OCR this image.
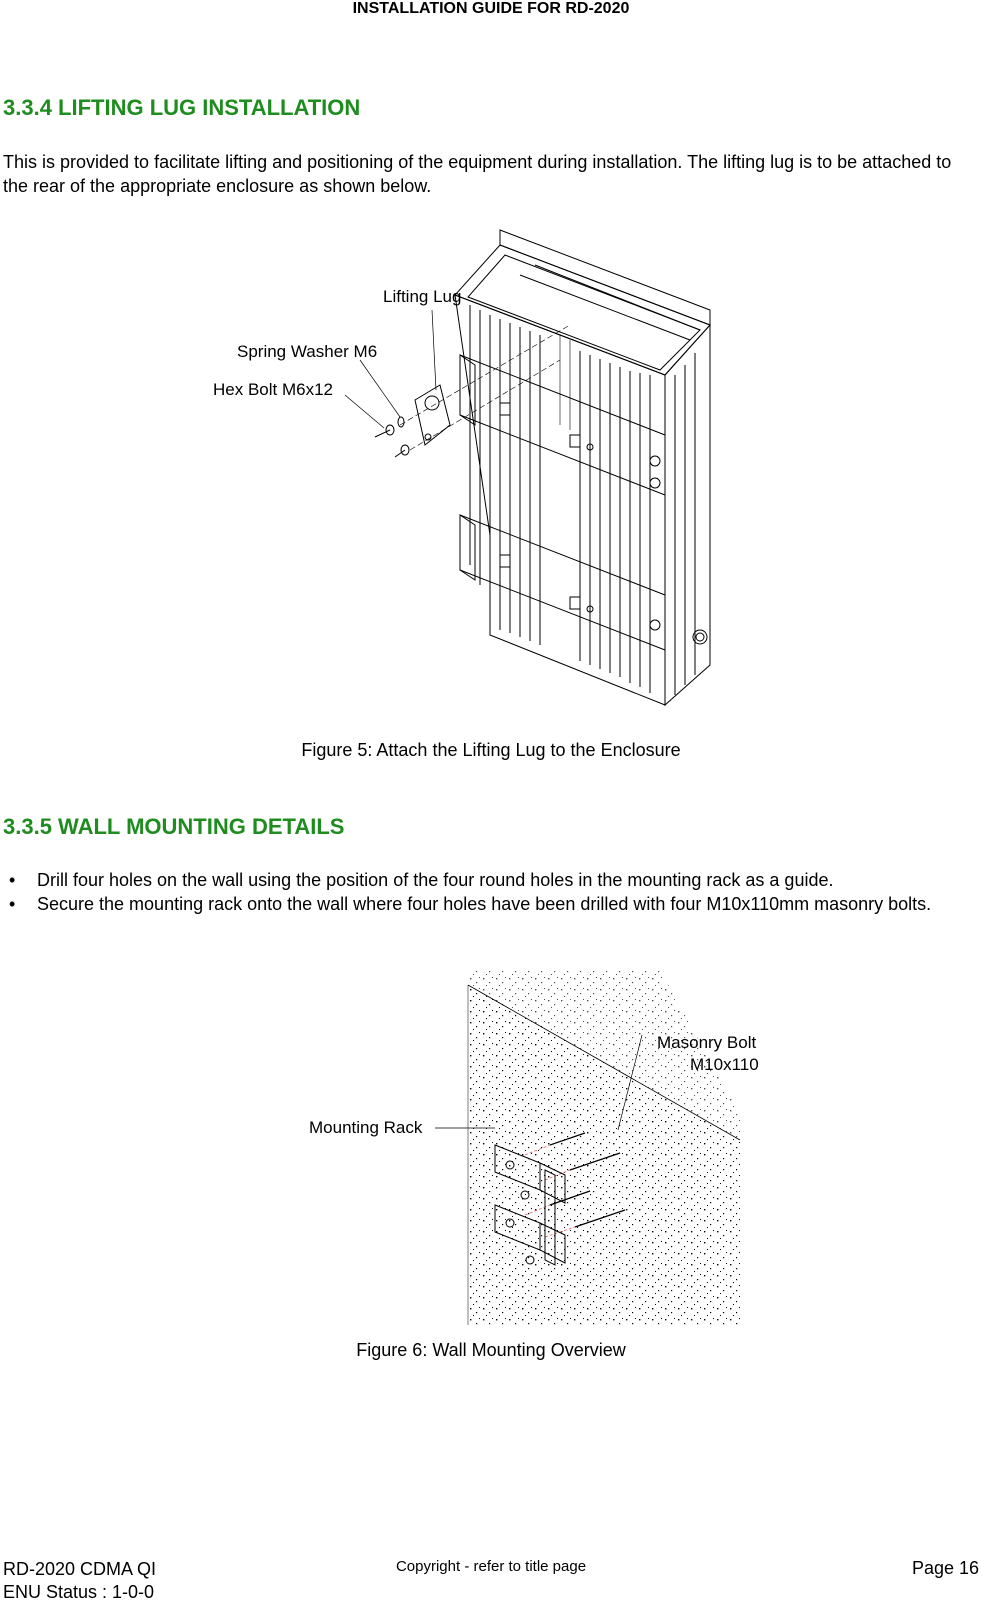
INSTALLATION GUIDE FOR RD-2020
3.3.4 LIFTING LUG INSTALLATION
This is provided to facilitate lifting and positioning of the equipment during installation. The lifting lug is to be attached to the rear of the appropriate enclosure as shown below.
Lifting Lug
Spring Washer M6
Hex Bolt M6x12
Figure 5: Attach the Lifting Lug to the Enclosure
3.3.5 WALL MOUNTING DETAILS
• Drill four holes on the wall using the position of the four round holes in the mounting rack as a guide.
• Secure the mounting rack onto the wall where four holes have been drilled with four M10x110mm masonry bolts.
Masonry Bolt
M10x110
Mounting Rack
Figure 6: Wall Mounting Overview
RD-2020 CDMA QI
ENU Status : 1-0-0
Copyright - refer to title page	Page 16
